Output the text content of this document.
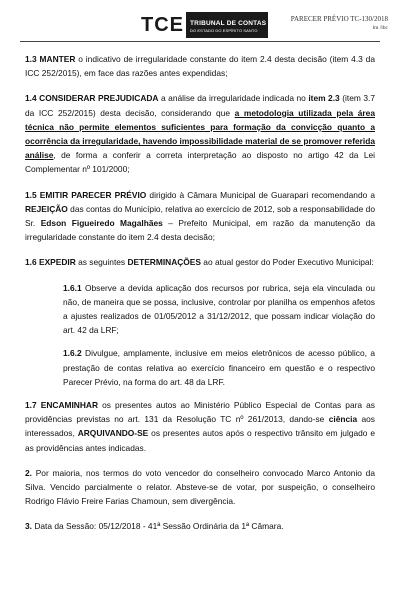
TCE TRIBUNAL DE CONTAS
DO ESTADO DO ESPÍRITO SANTO
PARECER PRÉVIO TC-130/2018
lm /lbc

1.3 MANTER o indicativo de irregularidade constante do item 2.4 desta decisão (item 4.3 da ICC 252/2015), em face das razões antes expendidas;

1.4 CONSIDERAR PREJUDICADA a análise da irregularidade indicada no item 2.3 (item 3.7 da ICC 252/2015) desta decisão, considerando que a metodologia utilizada pela área técnica não permite elementos suficientes para formação da convicção quanto a ocorrência da irregularidade, havendo impossibilidade material de se promover referida análise, de forma a conferir a correta interpretação ao disposto no artigo 42 da Lei Complementar nº 101/2000;

1.5 EMITIR PARECER PRÉVIO dirigido à Câmara Municipal de Guarapari recomendando a REJEIÇÃO das contas do Município, relativa ao exercício de 2012, sob a responsabilidade do Sr. Edson Figueiredo Magalhães – Prefeito Municipal, em razão da manutenção da irregularidade constante do item 2.4 desta decisão;

1.6 EXPEDIR as seguintes DETERMINAÇÕES ao atual gestor do Poder Executivo Municipal:

1.6.1 Observe a devida aplicação dos recursos por rubrica, seja ela vinculada ou não, de maneira que se possa, inclusive, controlar por planilha os empenhos afetos a ajustes realizados de 01/05/2012 a 31/12/2012, que possam indicar violação do art. 42 da LRF;

1.6.2 Divulgue, amplamente, inclusive em meios eletrônicos de acesso público, a prestação de contas relativa ao exercício financeiro em questão e o respectivo Parecer Prévio, na forma do art. 48 da LRF.

1.7 ENCAMINHAR os presentes autos ao Ministério Público Especial de Contas para as providências previstas no art. 131 da Resolução TC nº 261/2013, dando-se ciência aos interessados, ARQUIVANDO-SE os presentes autos após o respectivo trânsito em julgado e as providências antes indicadas.

2. Por maioria, nos termos do voto vencedor do conselheiro convocado Marco Antonio da Silva. Vencido parcialmente o relator. Absteve-se de votar, por suspeição, o conselheiro Rodrigo Flávio Freire Farias Chamoun, sem divergência.

3. Data da Sessão: 05/12/2018 - 41ª Sessão Ordinária da 1ª Câmara.
